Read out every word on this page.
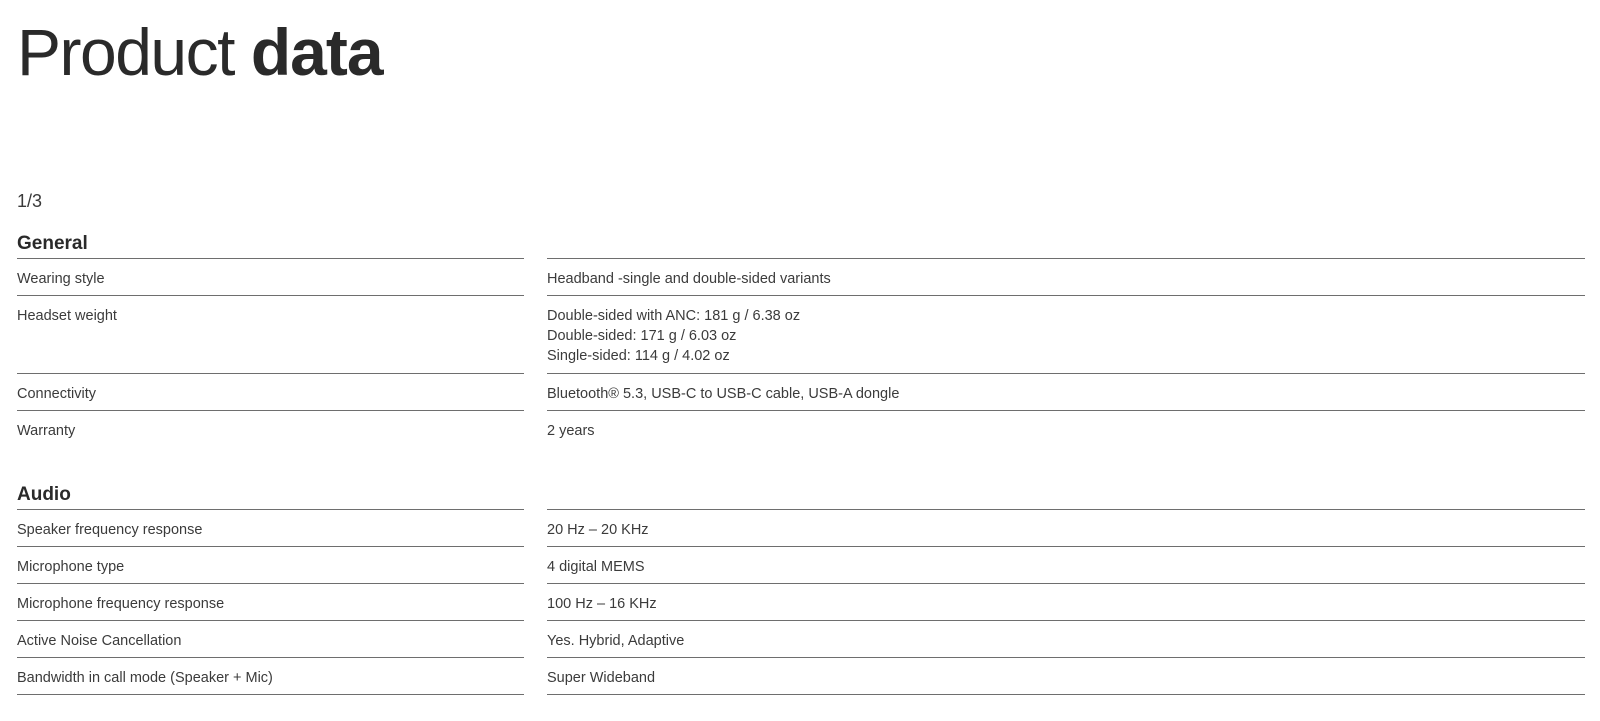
Product data
1/3
General
Wearing style	Headband -single and double-sided variants
Headset weight	Double-sided with ANC: 181 g / 6.38 oz
Double-sided: 171 g / 6.03 oz
Single-sided: 114 g / 4.02 oz
Connectivity	Bluetooth® 5.3, USB-C to USB-C cable, USB-A dongle
Warranty	2 years
Audio
Speaker frequency response	20 Hz – 20 KHz
Microphone type	4 digital MEMS
Microphone frequency response	100 Hz – 16 KHz
Active Noise Cancellation	Yes. Hybrid, Adaptive
Bandwidth in call mode (Speaker + Mic)	Super Wideband
